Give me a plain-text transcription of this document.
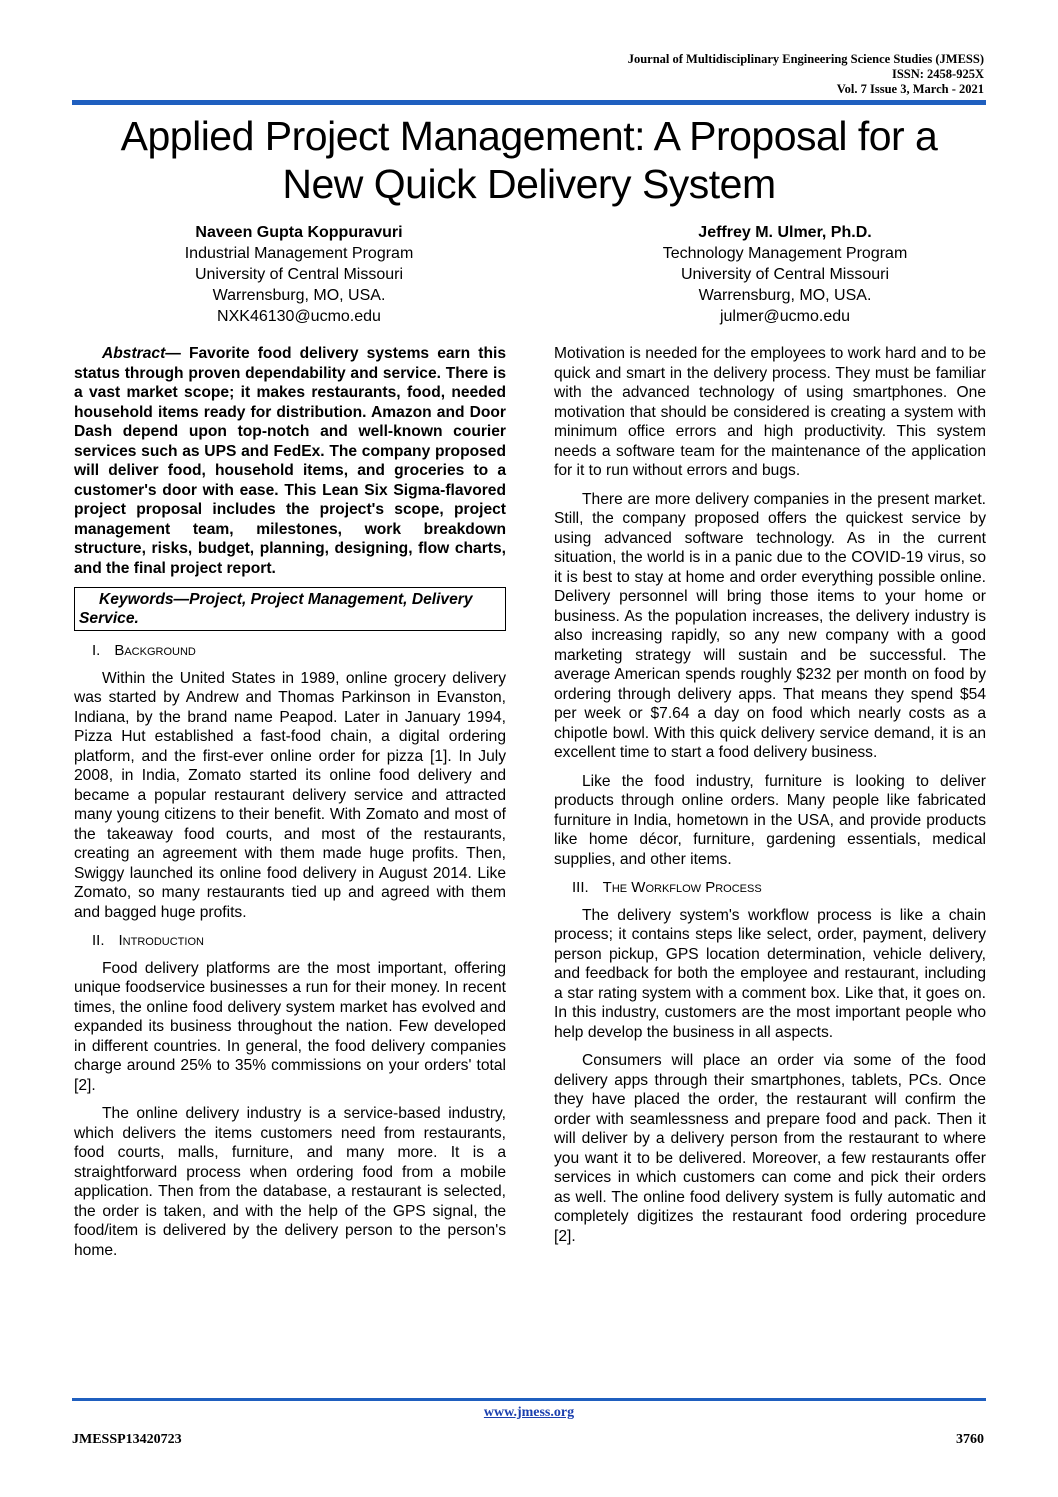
Journal of Multidisciplinary Engineering Science Studies (JMESS)
ISSN: 2458-925X
Vol. 7 Issue 3, March - 2021
Applied Project Management: A Proposal for a
New Quick Delivery System
Naveen Gupta Koppuravuri
Industrial Management Program
University of Central Missouri
Warrensburg, MO, USA.
NXK46130@ucmo.edu
Jeffrey M. Ulmer, Ph.D.
Technology Management Program
University of Central Missouri
Warrensburg, MO, USA.
julmer@ucmo.edu

Abstract— Favorite food delivery systems earn this status through proven dependability and service. There is a vast market scope; it makes restaurants, food, needed household items ready for distribution. Amazon and Door Dash depend upon top-notch and well-known courier services such as UPS and FedEx. The company proposed will deliver food, household items, and groceries to a customer's door with ease. This Lean Six Sigma-flavored project proposal includes the project's scope, project management team, milestones, work breakdown structure, risks, budget, planning, designing, flow charts, and the final project report.

Keywords—Project, Project Management, Delivery Service.
I. Background

Within the United States in 1989, online grocery delivery was started by Andrew and Thomas Parkinson in Evanston, Indiana, by the brand name Peapod. Later in January 1994, Pizza Hut established a fast-food chain, a digital ordering platform, and the first-ever online order for pizza [1]. In July 2008, in India, Zomato started its online food delivery and became a popular restaurant delivery service and attracted many young citizens to their benefit. With Zomato and most of the takeaway food courts, and most of the restaurants, creating an agreement with them made huge profits. Then, Swiggy launched its online food delivery in August 2014. Like Zomato, so many restaurants tied up and agreed with them and bagged huge profits.

II. Introduction

Food delivery platforms are the most important, offering unique foodservice businesses a run for their money. In recent times, the online food delivery system market has evolved and expanded its business throughout the nation. Few developed in different countries. In general, the food delivery companies charge around 25% to 35% commissions on your orders' total [2].

The online delivery industry is a service-based industry, which delivers the items customers need from restaurants, food courts, malls, furniture, and many more. It is a straightforward process when ordering food from a mobile application. Then from the database, a restaurant is selected, the order is taken, and with the help of the GPS signal, the food/item is delivered by the delivery person to the person's home.

Motivation is needed for the employees to work hard and to be quick and smart in the delivery process. They must be familiar with the advanced technology of using smartphones. One motivation that should be considered is creating a system with minimum office errors and high productivity. This system needs a software team for the maintenance of the application for it to run without errors and bugs.

There are more delivery companies in the present market. Still, the company proposed offers the quickest service by using advanced software technology. As in the current situation, the world is in a panic due to the COVID-19 virus, so it is best to stay at home and order everything possible online. Delivery personnel will bring those items to your home or business. As the population increases, the delivery industry is also increasing rapidly, so any new company with a good marketing strategy will sustain and be successful. The average American spends roughly $232 per month on food by ordering through delivery apps. That means they spend $54 per week or $7.64 a day on food which nearly costs as a chipotle bowl. With this quick delivery service demand, it is an excellent time to start a food delivery business.

Like the food industry, furniture is looking to deliver products through online orders. Many people like fabricated furniture in India, hometown in the USA, and provide products like home décor, furniture, gardening essentials, medical supplies, and other items.

III. The Workflow Process

The delivery system's workflow process is like a chain process; it contains steps like select, order, payment, delivery person pickup, GPS location determination, vehicle delivery, and feedback for both the employee and restaurant, including a star rating system with a comment box. Like that, it goes on. In this industry, customers are the most important people who help develop the business in all aspects.

Consumers will place an order via some of the food delivery apps through their smartphones, tablets, PCs. Once they have placed the order, the restaurant will confirm the order with seamlessness and prepare food and pack. Then it will deliver by a delivery person from the restaurant to where you want it to be delivered. Moreover, a few restaurants offer services in which customers can come and pick their orders as well. The online food delivery system is fully automatic and completely digitizes the restaurant food ordering procedure [2].

www.jmess.org
JMESSP13420723	3760
